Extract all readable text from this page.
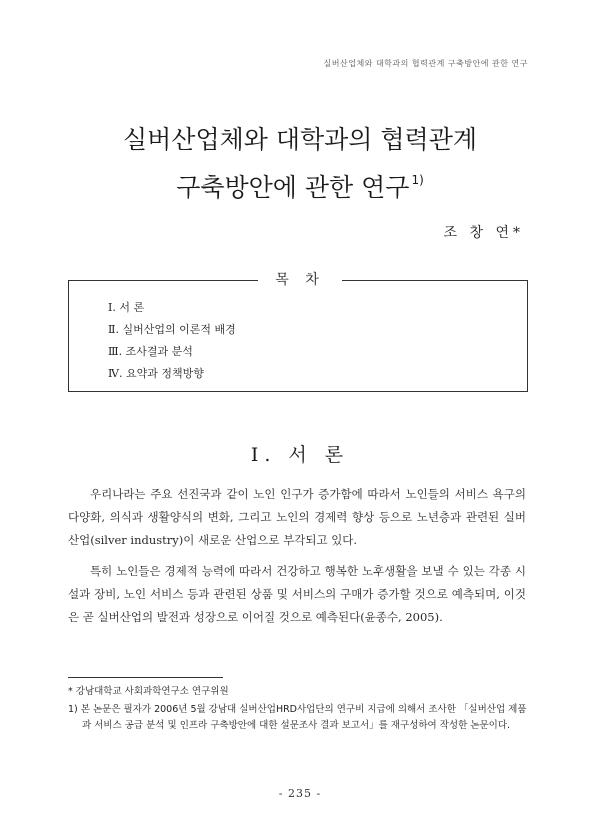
실버산업체와 대학과의 협력관계 구축방안에 관한 연구
실버산업체와 대학과의 협력관계
구축방안에 관한 연구 $^{1)}$
조 창 연*
목 차
Ⅰ. 서 론
Ⅱ. 실버산업의 이론적 배경
Ⅲ. 조사결과 분석
Ⅳ. 요약과 정책방향
Ⅰ. 서 론

우리나라는 주요 선진국과 같이 노인 인구가 증가함에 따라서 노인들의 서비스 욕구의 다양화, 의식과 생활양식의 변화, 그리고 노인의 경제력 향상 등으로 노년층과 관련된 실버산업(silver industry)이 새로운 산업으로 부각되고 있다.

특히 노인들은 경제적 능력에 따라서 건강하고 행복한 노후생활을 보낼 수 있는 각종 시설과 장비, 노인 서비스 등과 관련된 상품 및 서비스의 구매가 증가할 것으로 예측되며, 이것은 곧 실버산업의 발전과 성장으로 이어질 것으로 예측된다(윤종수, 2005).

* 강남대학교 사회과학연구소 연구위원

1) 본 논문은 필자가 2006년 5월 강남대 실버산업HRD사업단의 연구비 지급에 의해서 조사한 「실버산업 제품과 서비스 공급 분석 및 인프라 구축방안에 대한 설문조사 결과 보고서」를 재구성하여 작성한 논문이다.

- 235 -
